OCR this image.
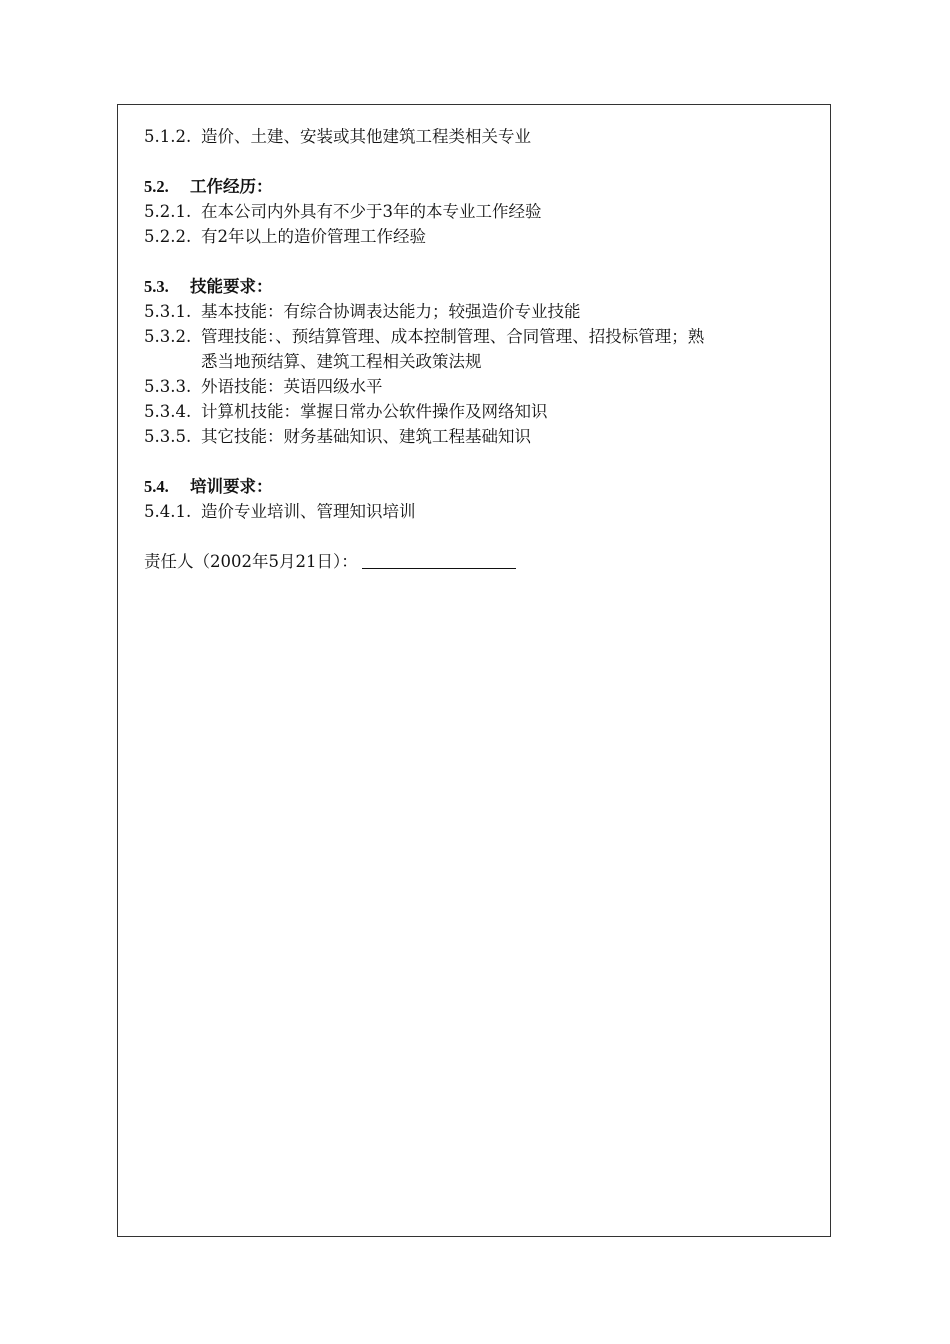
5.1.2. 造价、土建、安装或其他建筑工程类相关专业
5.2. 工作经历：
5.2.1. 在本公司内外具有不少于3年的本专业工作经验
5.2.2. 有2年以上的造价管理工作经验
5.3. 技能要求：
5.3.1. 基本技能：有综合协调表达能力；较强造价专业技能
5.3.2. 管理技能：、预结算管理、成本控制管理、合同管理、招投标管理；熟
悉当地预结算、建筑工程相关政策法规
5.3.3. 外语技能：英语四级水平
5.3.4. 计算机技能：掌握日常办公软件操作及网络知识
5.3.5. 其它技能：财务基础知识、建筑工程基础知识
5.4. 培训要求：
5.4.1. 造价专业培训、管理知识培训
责任人（2002年5月21日）：
